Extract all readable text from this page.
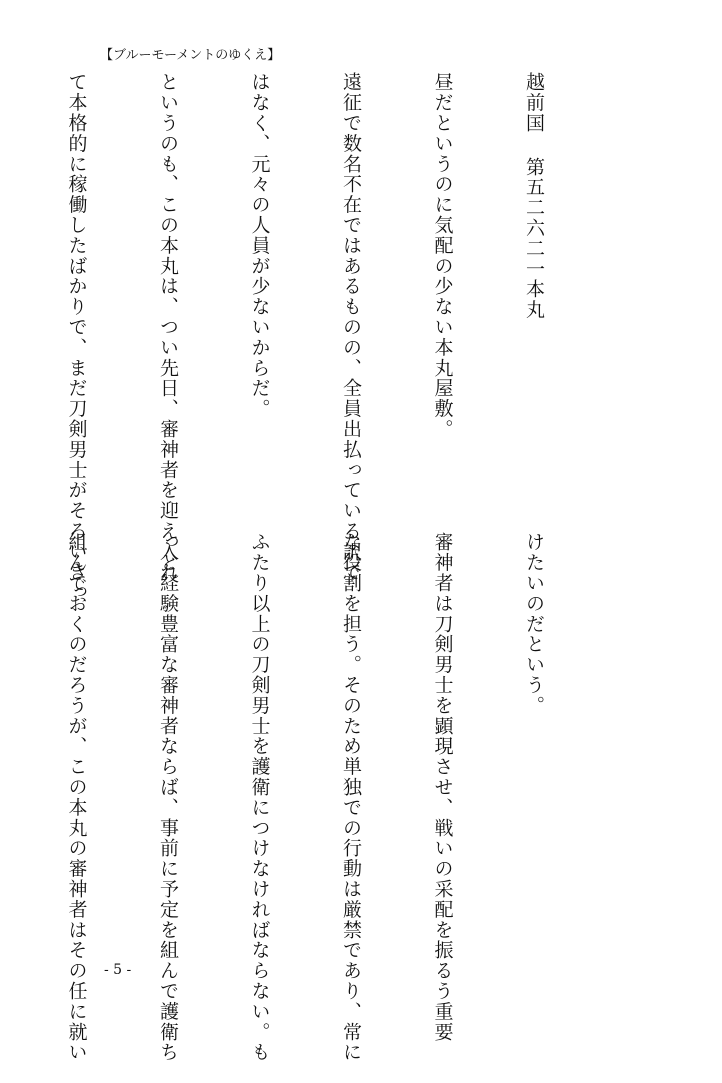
【ブルーモーメントのゆくえ】

越前国 第五二六二一本丸

昼だというのに気配の少ない本丸屋敷。

遠征で数名不在ではあるものの、全員出払っている訳で

はなく、元々の人員が少ないからだ。

というのも、この本丸は、つい先日、審神者を迎え入れ

て本格的に稼働したばかりで、まだ刀剣男士がそろいきっ

けたいのだという。

審神者は刀剣男士を顕現させ、戦いの采配を振るう重要

な役割を担う。そのため単独での行動は厳禁であり、常に

ふたり以上の刀剣男士を護衛につけなければならない。も

っと経験豊富な審神者ならば、事前に予定を組んで護衛ち

組んでおくのだろうが、この本丸の審神者はその任に就い

- 5 -
